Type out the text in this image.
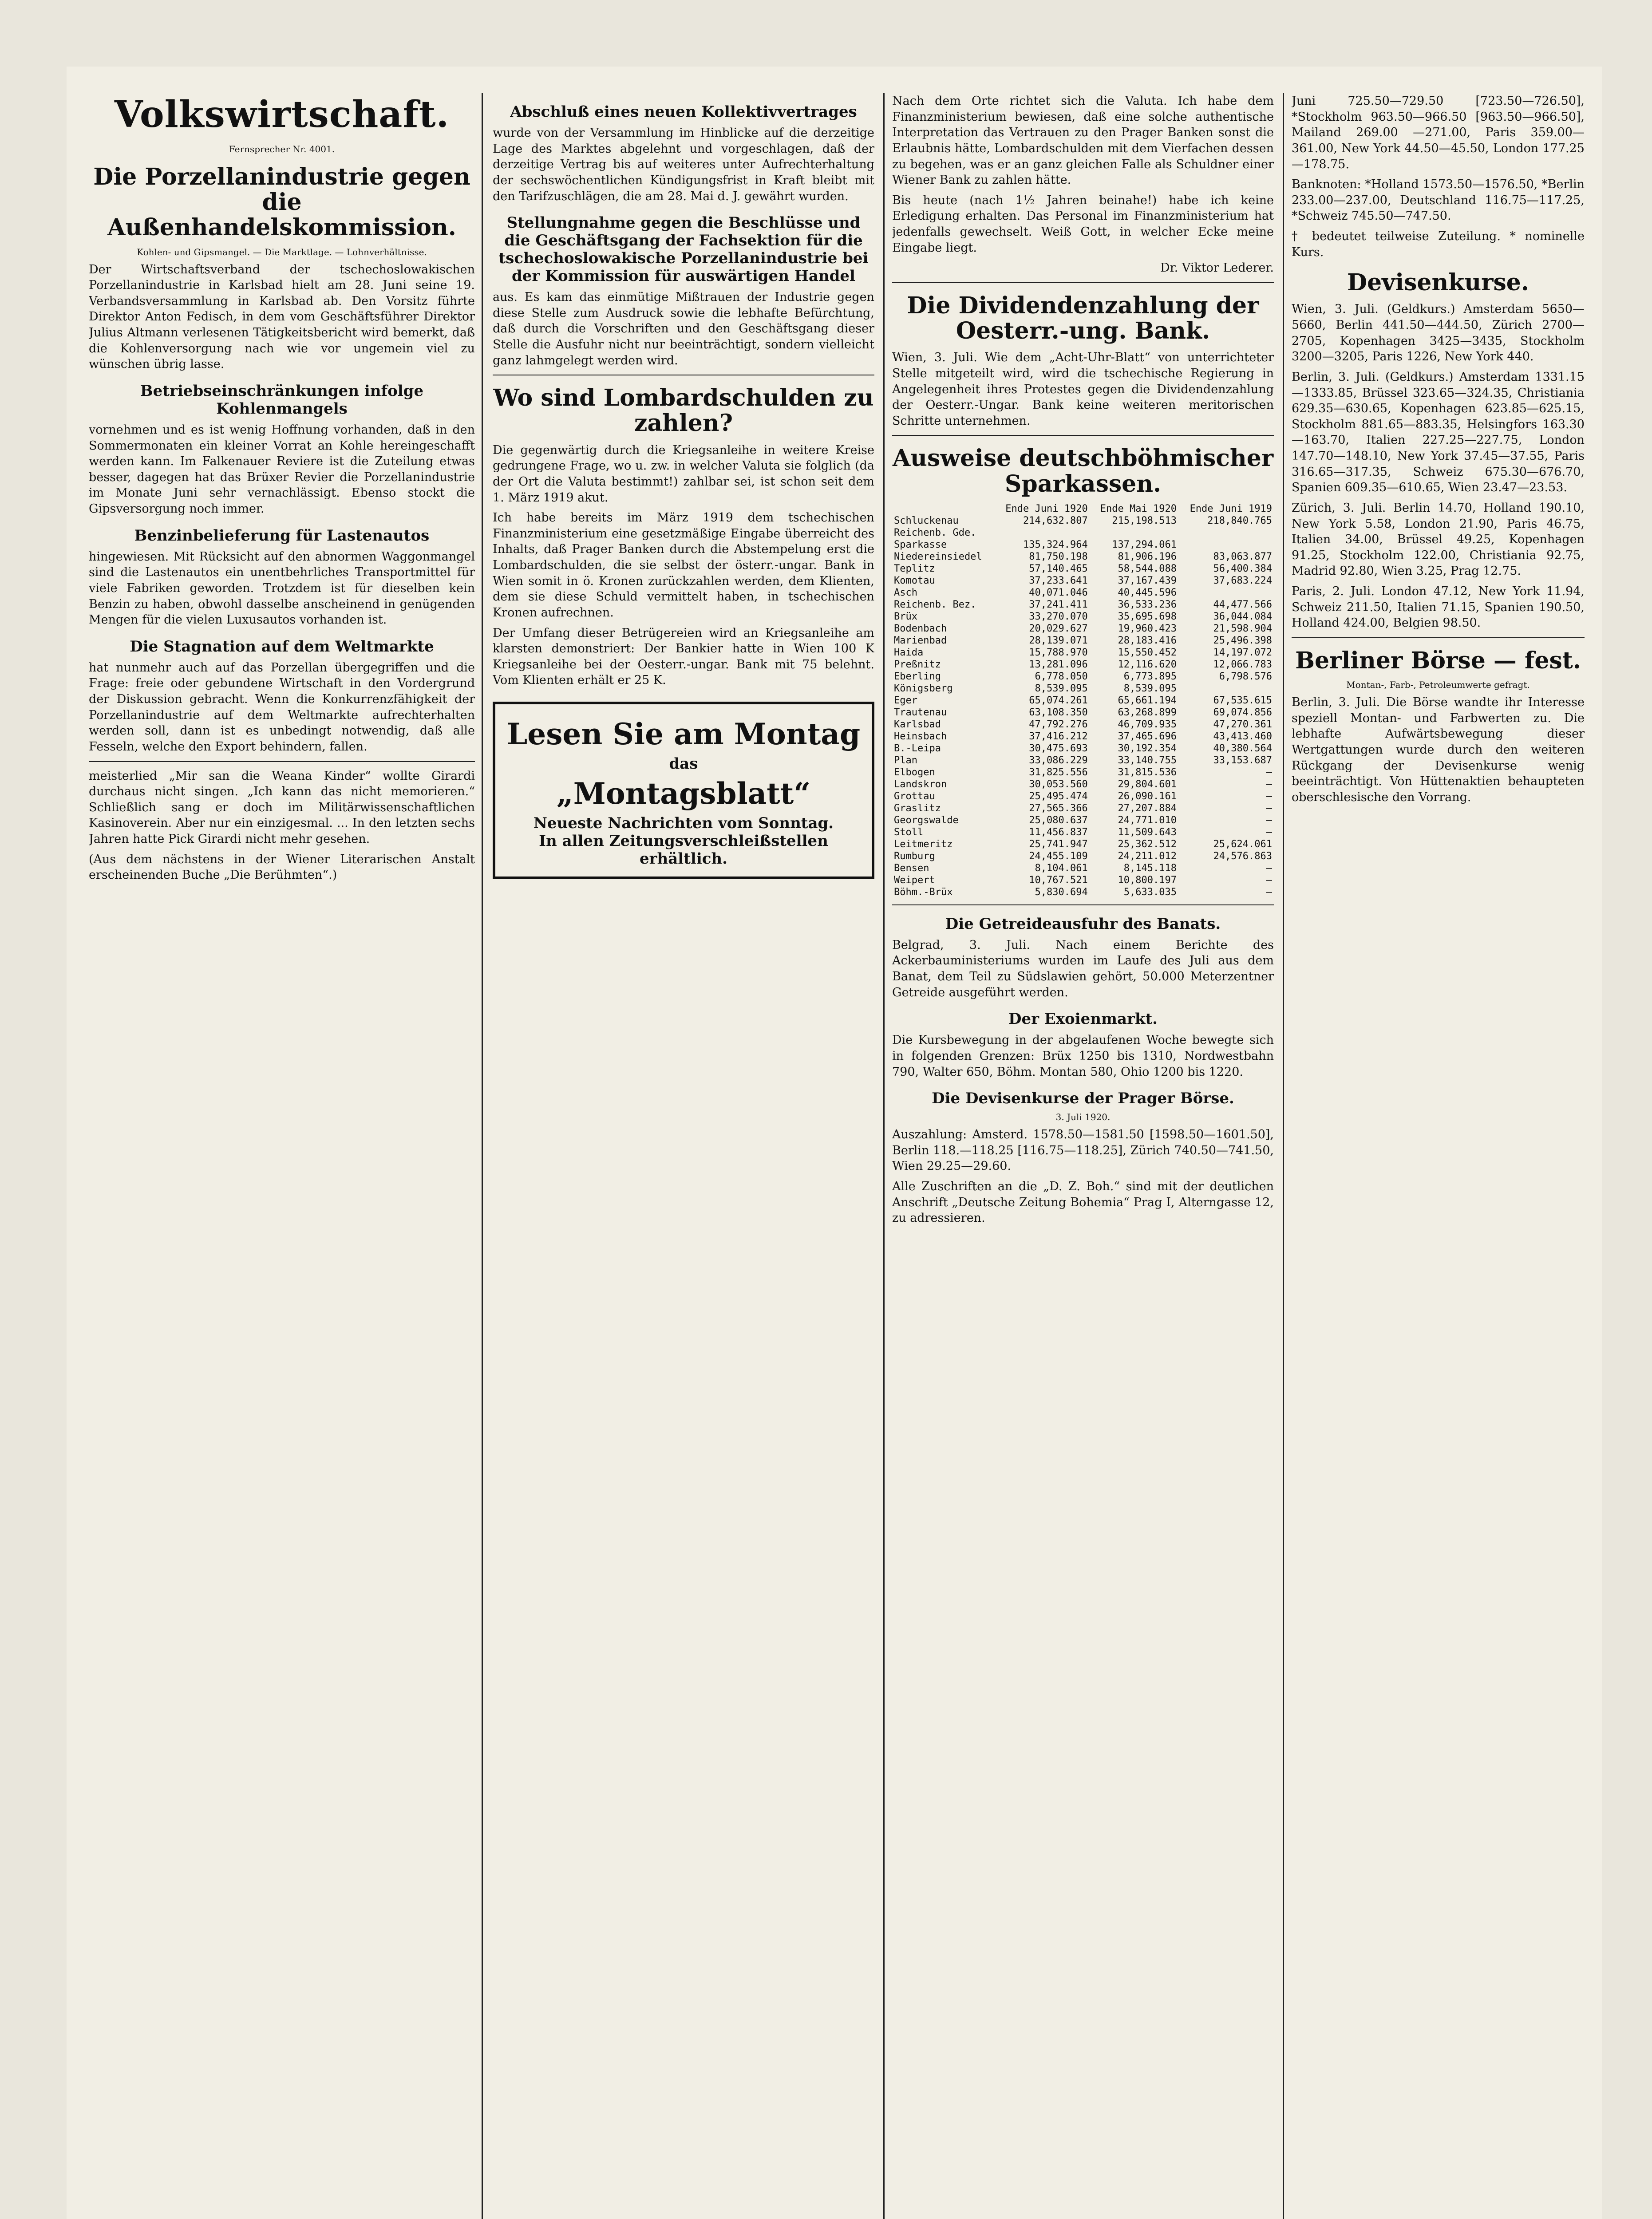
Volkswirtschaft.
Fernsprecher Nr. 4001.
Die Porzellanindustrie gegen die Außenhandelskommission.
Kohlen- und Gipsmangel. — Die Marktlage. — Lohnverhältnisse.

Der Wirtschaftsverband der tschechoslowakischen Porzellanindustrie in Karlsbad hielt am 28. Juni seine 19. Verbandsversammlung in Karlsbad ab. Den Vorsitz führte Direktor Anton Fedisch, in dem vom Geschäftsführer Direktor Julius Altmann verlesenen Tätigkeitsbericht wird bemerkt, daß die Kohlenversorgung nach wie vor ungemein viel zu wünschen übrig lasse.

Betriebseinschränkungen infolge Kohlenmangels

vornehmen und es ist wenig Hoffnung vorhanden, daß in den Sommermonaten ein kleiner Vorrat an Kohle hereingeschafft werden kann. Im Falkenauer Reviere ist die Zuteilung etwas besser, dagegen hat das Brüxer Revier die Porzellanindustrie im Monate Juni sehr vernachlässigt. Ebenso stockt die Gipsversorgung noch immer.

Benzinbelieferung für Lastenautos

hingewiesen. Mit Rücksicht auf den abnormen Waggonmangel sind die Lastenautos ein unentbehrliches Transportmittel für viele Fabriken geworden. Trotzdem ist für dieselben kein Benzin zu haben, obwohl dasselbe anscheinend in genügenden Mengen für die vielen Luxusautos vorhanden ist.

Die Stagnation auf dem Weltmarkte

hat nunmehr auch auf das Porzellan übergegriffen und die Frage: freie oder gebundene Wirtschaft in den Vordergrund der Diskussion gebracht. Wenn die Konkurrenzfähigkeit der Porzellanindustrie auf dem Weltmarkte aufrechterhalten werden soll, dann ist es unbedingt notwendig, daß alle Fesseln, welche den Export behindern, fallen.

meisterlied „Mir san die Weana Kinder“ wollte Girardi durchaus nicht singen. „Ich kann das nicht memorieren.“ Schließlich sang er doch im Militärwissenschaftlichen Kasinoverein. Aber nur ein einzigesmal. ... In den letzten sechs Jahren hatte Pick Girardi nicht mehr gesehen.

(Aus dem nächstens in der Wiener Literarischen Anstalt erscheinenden Buche „Die Berühmten“.)

Abschluß eines neuen Kollektivvertrages

wurde von der Versammlung im Hinblicke auf die derzeitige Lage des Marktes abgelehnt und vorgeschlagen, daß der derzeitige Vertrag bis auf weiteres unter Aufrechterhaltung der sechswöchentlichen Kündigungsfrist in Kraft bleibt mit den Tarifzuschlägen, die am 28. Mai d. J. gewährt wurden.

Stellungnahme gegen die Beschlüsse und die Geschäftsgang der Fachsektion für die tschechoslowakische Porzellanindustrie bei der Kommission für auswärtigen Handel

aus. Es kam das einmütige Mißtrauen der Industrie gegen diese Stelle zum Ausdruck sowie die lebhafte Befürchtung, daß durch die Vorschriften und den Geschäftsgang dieser Stelle die Ausfuhr nicht nur beeinträchtigt, sondern vielleicht ganz lahmgelegt werden wird.

Wo sind Lombardschulden zu zahlen?

Die gegenwärtig durch die Kriegsanleihe in weitere Kreise gedrungene Frage, wo u. zw. in welcher Valuta sie folglich (da der Ort die Valuta bestimmt!) zahlbar sei, ist schon seit dem 1. März 1919 akut.

Ich habe bereits im März 1919 dem tschechischen Finanzministerium eine gesetzmäßige Eingabe überreicht des Inhalts, daß Prager Banken durch die Abstempelung erst die Lombardschulden, die sie selbst der österr.-ungar. Bank in Wien somit in ö. Kronen zurückzahlen werden, dem Klienten, dem sie diese Schuld vermittelt haben, in tschechischen Kronen aufrechnen.

Der Umfang dieser Betrügereien wird an Kriegsanleihe am klarsten demonstriert: Der Bankier hatte in Wien 100 K Kriegsanleihe bei der Oesterr.-ungar. Bank mit 75 belehnt. Vom Klienten erhält er 25 K.

Lesen Sie am Montag
das
„Montagsblatt“
Neueste Nachrichten vom Sonntag.
In allen Zeitungsverschleißstellen erhältlich.

Nach dem Orte richtet sich die Valuta. Ich habe dem Finanzministerium bewiesen, daß eine solche authentische Interpretation das Vertrauen zu den Prager Banken sonst die Erlaubnis hätte, Lombardschulden mit dem Vierfachen dessen zu begehen, was er an ganz gleichen Falle als Schuldner einer Wiener Bank zu zahlen hätte.

Bis heute (nach 1½ Jahren beinahe!) habe ich keine Erledigung erhalten. Das Personal im Finanzministerium hat jedenfalls gewechselt. Weiß Gott, in welcher Ecke meine Eingabe liegt.

Dr. Viktor Lederer.

Die Dividendenzahlung der Oesterr.-ung. Bank.

Wien, 3. Juli. Wie dem „Acht-Uhr-Blatt“ von unterrichteter Stelle mitgeteilt wird, wird die tschechische Regierung in Angelegenheit ihres Protestes gegen die Dividendenzahlung der Oesterr.-Ungar. Bank keine weiteren meritorischen Schritte unternehmen.

Ausweise deutschböhmischer Sparkassen.
	Ende Juni 1920	Ende Mai 1920	Ende Juni 1919
Schluckenau	214,632.807	215,198.513	218,840.765
Reichenb. Gde.			
Sparkasse	135,324.964	137,294.061	
Niedereinsiedel	81,750.198	81,906.196	83,063.877
Teplitz	57,140.465	58,544.088	56,400.384
Komotau	37,233.641	37,167.439	37,683.224
Asch	40,071.046	40,445.596	
Reichenb. Bez.	37,241.411	36,533.236	44,477.566
Brüx	33,270.070	35,695.698	36,044.084
Bodenbach	20,029.627	19,960.423	21,598.904
Marienbad	28,139.071	28,183.416	25,496.398
Haida	15,788.970	15,550.452	14,197.072
Preßnitz	13,281.096	12,116.620	12,066.783
Eberling	6,778.050	6,773.895	6,798.576
Königsberg	8,539.095	8,539.095	
Eger	65,074.261	65,661.194	67,535.615
Trautenau	63,108.350	63,268.899	69,074.856
Karlsbad	47,792.276	46,709.935	47,270.361
Heinsbach	37,416.212	37,465.696	43,413.460
B.-Leipa	30,475.693	30,192.354	40,380.564
Plan	33,086.229	33,140.755	33,153.687
Elbogen	31,825.556	31,815.536	—
Landskron	30,053.560	29,804.601	—
Grottau	25,495.474	26,090.161	—
Graslitz	27,565.366	27,207.884	—
Georgswalde	25,080.637	24,771.010	—
Stoll	11,456.837	11,509.643	—
Leitmeritz	25,741.947	25,362.512	25,624.061
Rumburg	24,455.109	24,211.012	24,576.863
Bensen	8,104.061	8,145.118	—
Weipert	10,767.521	10,800.197	—
Böhm.-Brüx	5,830.694	5,633.035	—
Die Getreideausfuhr des Banats.

Belgrad, 3. Juli. Nach einem Berichte des Ackerbauministeriums wurden im Laufe des Juli aus dem Banat, dem Teil zu Südslawien gehört, 50.000 Meterzentner Getreide ausgeführt werden.

Der Exoienmarkt.

Die Kursbewegung in der abgelaufenen Woche bewegte sich in folgenden Grenzen: Brüx 1250 bis 1310, Nordwestbahn 790, Walter 650, Böhm. Montan 580, Ohio 1200 bis 1220.

Die Devisenkurse der Prager Börse.
3. Juli 1920.

Auszahlung: Amsterd. 1578.50—1581.50 [1598.50—1601.50], Berlin 118.—118.25 [116.75—118.25], Zürich 740.50—741.50, Wien 29.25—29.60.

Alle Zuschriften an die „D. Z. Boh.“ sind mit der deutlichen Anschrift „Deutsche Zeitung Bohemia“ Prag I, Alterngasse 12, zu adressieren.

Juni 725.50—729.50 [723.50—726.50], *Stockholm 963.50—966.50 [963.50—966.50], Mailand 269.00 —271.00, Paris 359.00—361.00, New York 44.50—45.50, London 177.25—178.75.

Banknoten: *Holland 1573.50—1576.50, *Berlin 233.00—237.00, Deutschland 116.75—117.25, *Schweiz 745.50—747.50.

† bedeutet teilweise Zuteilung. * nominelle Kurs.

Devisenkurse.

Wien, 3. Juli. (Geldkurs.) Amsterdam 5650—5660, Berlin 441.50—444.50, Zürich 2700—2705, Kopenhagen 3425—3435, Stockholm 3200—3205, Paris 1226, New York 440.

Berlin, 3. Juli. (Geldkurs.) Amsterdam 1331.15—1333.85, Brüssel 323.65—324.35, Christiania 629.35—630.65, Kopenhagen 623.85—625.15, Stockholm 881.65—883.35, Helsingfors 163.30—163.70, Italien 227.25—227.75, London 147.70—148.10, New York 37.45—37.55, Paris 316.65—317.35, Schweiz 675.30—676.70, Spanien 609.35—610.65, Wien 23.47—23.53.

Zürich, 3. Juli. Berlin 14.70, Holland 190.10, New York 5.58, London 21.90, Paris 46.75, Italien 34.00, Brüssel 49.25, Kopenhagen 91.25, Stockholm 122.00, Christiania 92.75, Madrid 92.80, Wien 3.25, Prag 12.75.

Paris, 2. Juli. London 47.12, New York 11.94, Schweiz 211.50, Italien 71.15, Spanien 190.50, Holland 424.00, Belgien 98.50.

Berliner Börse — fest.
Montan-, Farb-, Petroleumwerte gefragt.

Berlin, 3. Juli. Die Börse wandte ihr Interesse speziell Montan- und Farbwerten zu. Die lebhafte Aufwärtsbewegung dieser Wertgattungen wurde durch den weiteren Rückgang der Devisenkurse wenig beeinträchtigt. Von Hüttenaktien behaupteten oberschlesische den Vorrang.
